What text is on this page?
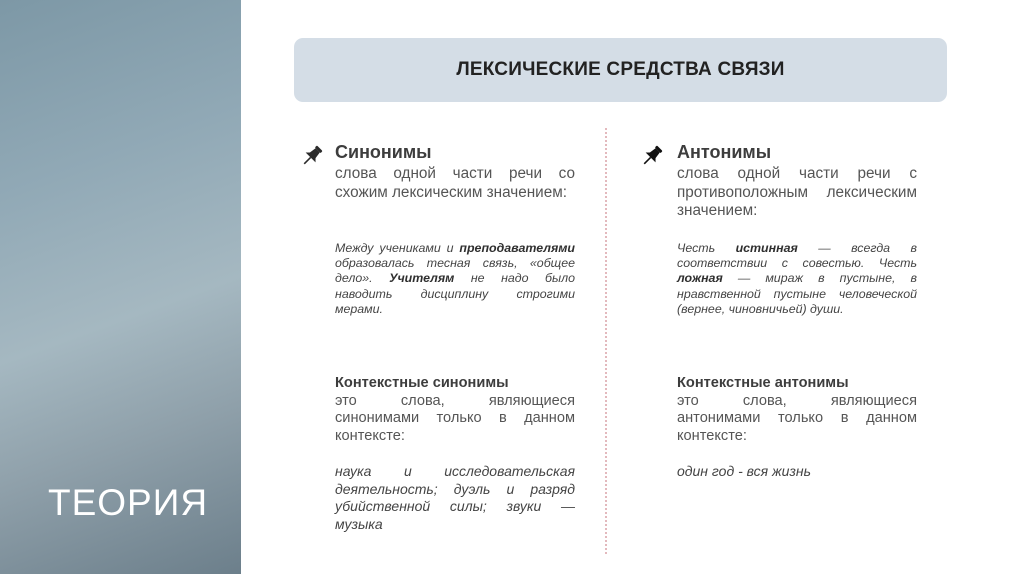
ТЕОРИЯ
ЛЕКСИЧЕСКИЕ СРЕДСТВА СВЯЗИ
Синонимы
слова одной части речи со схожим лексическим значением:
Между учениками и преподавателями образовалась тесная связь, «общее дело». Учителям не надо было наводить дисциплину строгими мерами.
Контекстные синонимы
это слова, являющиеся синонимами только в данном контексте:
наука и исследовательская деятельность; дуэль и разряд убийственной силы; звуки — музыка
Антонимы
слова одной части речи с противоположным лексическим значением:
Честь истинная — всегда в соответствии с совестью. Честь ложная — мираж в пустыне, в нравственной пустыне человеческой (вернее, чиновничьей) души.
Контекстные антонимы
это слова, являющиеся антонимами только в данном контексте:
один год - вся жизнь
